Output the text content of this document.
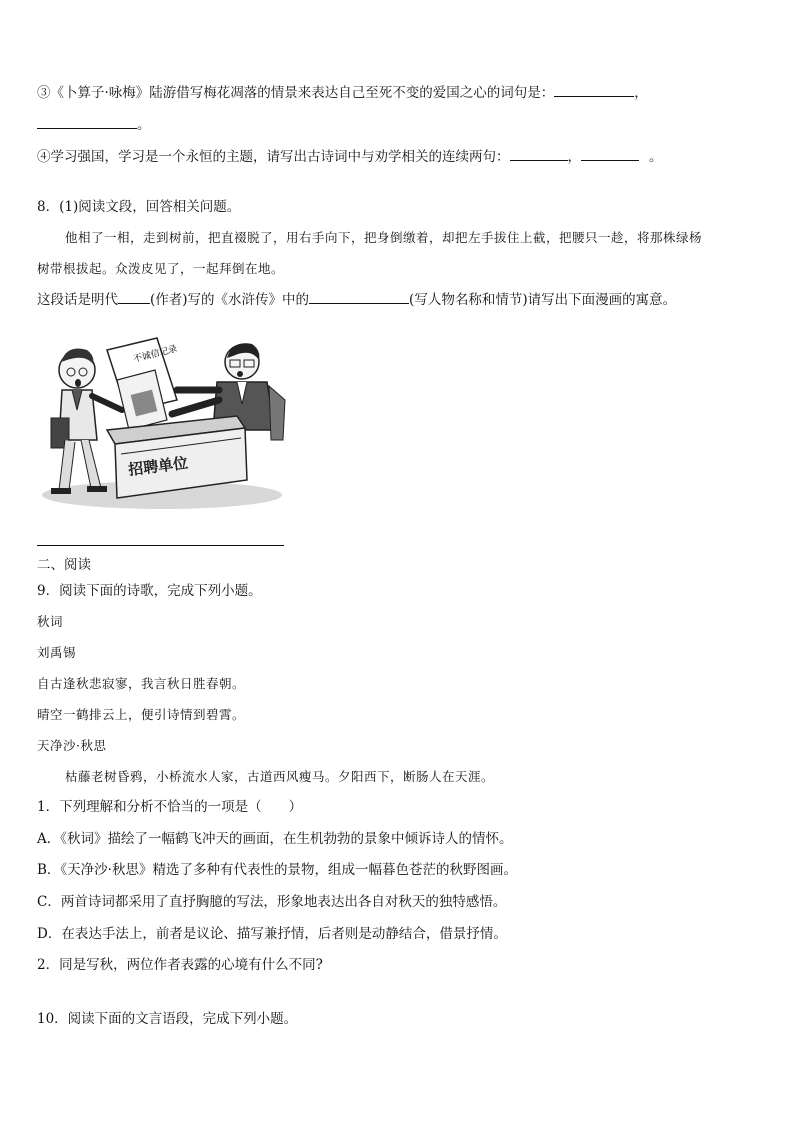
③《卜算子·咏梅》陆游借写梅花凋落的情景来表达自己至死不变的爱国之心的词句是：	，
。
④学习强国，学习是一个永恒的主题，请写出古诗词中与劝学相关的连续两句：	，	。
8．(1)阅读文段，回答相关问题。
他相了一相，走到树前，把直裰脱了，用右手向下，把身倒缴着，却把左手拔住上截，把腰只一趁，将那株绿杨
树带根拔起。众泼皮见了，一起拜倒在地。
这段话是明代 (作者)写的《水浒传》中的	(写人物名称和情节)请写出下面漫画的寓意。
不诚信记录
招聘单位
二、阅读
9．阅读下面的诗歌，完成下列小题。
秋词
刘禹锡
自古逢秋悲寂寥，我言秋日胜春朝。
晴空一鹤排云上，便引诗情到碧霄。
天净沙·秋思
枯藤老树昏鸦，小桥流水人家，古道西风瘦马。夕阳西下，断肠人在天涯。
1．下列理解和分析不恰当的一项是（　　）
A．《秋词》描绘了一幅鹤飞冲天的画面，在生机勃勃的景象中倾诉诗人的情怀。
B．《天净沙·秋思》精选了多种有代表性的景物，组成一幅暮色苍茫的秋野图画。
C．两首诗词都采用了直抒胸臆的写法，形象地表达出各自对秋天的独特感悟。
D．在表达手法上，前者是议论、描写兼抒情，后者则是动静结合，借景抒情。
2．同是写秋，两位作者表露的心境有什么不同?
10．阅读下面的文言语段，完成下列小题。
